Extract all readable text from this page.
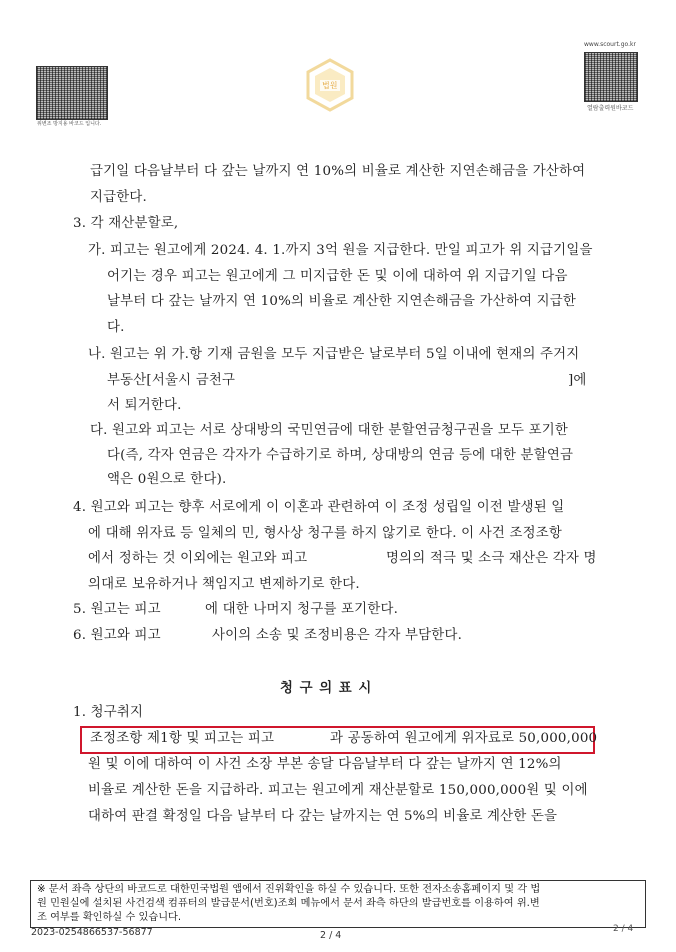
위변조 방지용 바코드 입니다.
법원
www.scourt.go.kr
열람출력원바코드
급기일 다음날부터 다 갚는 날까지 연 10%의 비율로 계산한 지연손해금을 가산하여
지급한다.
3. 각 재산분할로,
가. 피고는 원고에게 2024. 4. 1.까지 3억 원을 지급한다. 만일 피고가 위 지급기일을
어기는 경우 피고는 원고에게 그 미지급한 돈 및 이에 대하여 위 지급기일 다음
날부터 다 갚는 날까지 연 10%의 비율로 계산한 지연손해금을 가산하여 지급한
다.
나. 원고는 위 가.항 기재 금원을 모두 지급받은 날로부터 5일 이내에 현재의 주거지
부동산[서울시 금천구	]에
서 퇴거한다.
다. 원고와 피고는 서로 상대방의 국민연금에 대한 분할연금청구권을 모두 포기한
다(즉, 각자 연금은 각자가 수급하기로 하며, 상대방의 연금 등에 대한 분할연금
액은 0원으로 한다).
4. 원고와 피고는 향후 서로에게 이 이혼과 관련하여 이 조정 성립일 이전 발생된 일
에 대해 위자료 등 일체의 민, 형사상 청구를 하지 않기로 한다. 이 사건 조정조항
에서 정하는 것 이외에는 원고와 피고	명의의 적극 및 소극 재산은 각자 명
의대로 보유하거나 책임지고 변제하기로 한다.
5. 원고는 피고	에 대한 나머지 청구를 포기한다.
6. 원고와 피고	사이의 소송 및 조정비용은 각자 부담한다.
청 구 의 표 시
1. 청구취지
조정조항 제1항 및 피고는 피고	과 공동하여 원고에게 위자료로 50,000,000
원 및 이에 대하여 이 사건 소장 부본 송달 다음날부터 다 갚는 날까지 연 12%의
비율로 계산한 돈을 지급하라. 피고는 원고에게 재산분할로 150,000,000원 및 이에
대하여 판결 확정일 다음 날부터 다 갚는 날까지는 연 5%의 비율로 계산한 돈을
※ 문서 좌측 상단의 바코드로 대한민국법원 앱에서 진위확인을 하실 수 있습니다. 또한 전자소송홈페이지 및 각 법
원 민원실에 설치된 사건검색 컴퓨터의 발급문서(번호)조회 메뉴에서 문서 좌측 하단의 발급번호를 이용하여 위.변
조 여부를 확인하실 수 있습니다.
2023-0254866537-56877	2 / 4
2 / 4
